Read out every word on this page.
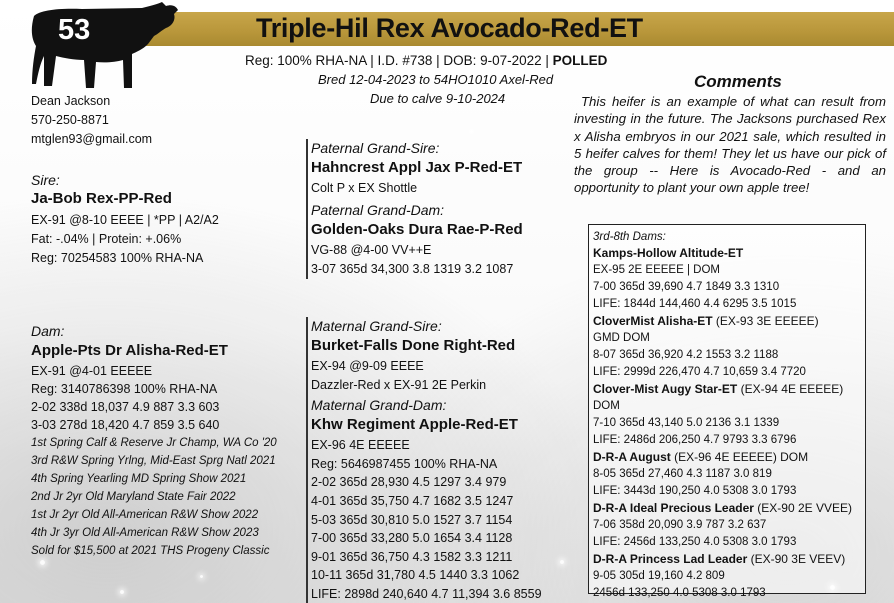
53	Triple-Hil Rex Avocado-Red-ET
Reg: 100% RHA-NA | I.D. #738 | DOB: 9-07-2022 | POLLED
Bred 12-04-2023 to 54HO1010 Axel-Red
Due to calve 9-10-2024
Dean Jackson
570-250-8871
mtglen93@gmail.com
Sire:
Ja-Bob Rex-PP-Red
EX-91 @8-10 EEEE | *PP | A2/A2
Fat: -.04% | Protein: +.06%
Reg: 70254583 100% RHA-NA
Dam:
Apple-Pts Dr Alisha-Red-ET
EX-91 @4-01 EEEEE
Reg: 3140786398 100% RHA-NA
2-02 338d 18,037 4.9 887 3.3 603
3-03 278d 18,420 4.7 859 3.5 640
1st Spring Calf & Reserve Jr Champ, WA Co '20
3rd R&W Spring Yrlng, Mid-East Sprg Natl 2021
4th Spring Yearling MD Spring Show 2021
2nd Jr 2yr Old Maryland State Fair 2022
1st Jr 2yr Old All-American R&W Show 2022
4th Jr 3yr Old All-American R&W Show 2023
Sold for $15,500 at 2021 THS Progeny Classic
Paternal Grand-Sire:
Hahncrest Appl Jax P-Red-ET
Colt P x EX Shottle
Paternal Grand-Dam:
Golden-Oaks Dura Rae-P-Red
VG-88 @4-00 VV++E
3-07 365d 34,300 3.8 1319 3.2 1087
Maternal Grand-Sire:
Burket-Falls Done Right-Red
EX-94 @9-09 EEEE
Dazzler-Red x EX-91 2E Perkin
Maternal Grand-Dam:
Khw Regiment Apple-Red-ET
EX-96 4E EEEEE
Reg: 5646987455 100% RHA-NA
2-02 365d 28,930 4.5 1297 3.4 979
4-01 365d 35,750 4.7 1682 3.5 1247
5-03 365d 30,810 5.0 1527 3.7 1154
7-00 365d 33,280 5.0 1654 3.4 1128
9-01 365d 36,750 4.3 1582 3.3 1211
10-11 365d 31,780 4.5 1440 3.3 1062
LIFE: 2898d 240,640 4.7 11,394 3.6 8559
Comments

This heifer is an example of what can result from investing in the future. The Jacksons purchased Rex x Alisha embryos in our 2021 sale, which resulted in 5 heifer calves for them! They let us have our pick of the group -- Here is Avocado-Red - and an opportunity to plant your own apple tree!

3rd-8th Dams:
Kamps-Hollow Altitude-ET
EX-95 2E EEEEE | DOM
7-00 365d 39,690 4.7 1849 3.3 1310
LIFE: 1844d 144,460 4.4 6295 3.5 1015
CloverMist Alisha-ET (EX-93 3E EEEEE)
GMD DOM
8-07 365d 36,920 4.2 1553 3.2 1188
LIFE: 2999d 226,470 4.7 10,659 3.4 7720
Clover-Mist Augy Star-ET (EX-94 4E EEEEE)
DOM
7-10 365d 43,140 5.0 2136 3.1 1339
LIFE: 2486d 206,250 4.7 9793 3.3 6796
D-R-A August (EX-96 4E EEEEE) DOM
8-05 365d 27,460 4.3 1187 3.0 819
LIFE: 3443d 190,250 4.0 5308 3.0 1793
D-R-A Ideal Precious Leader (EX-90 2E VVEE)
7-06 358d 20,090 3.9 787 3.2 637
LIFE: 2456d 133,250 4.0 5308 3.0 1793
D-R-A Princess Lad Leader (EX-90 3E VEEV)
9-05 305d 19,160 4.2 809
2456d 133,250 4.0 5308 3.0 1793
